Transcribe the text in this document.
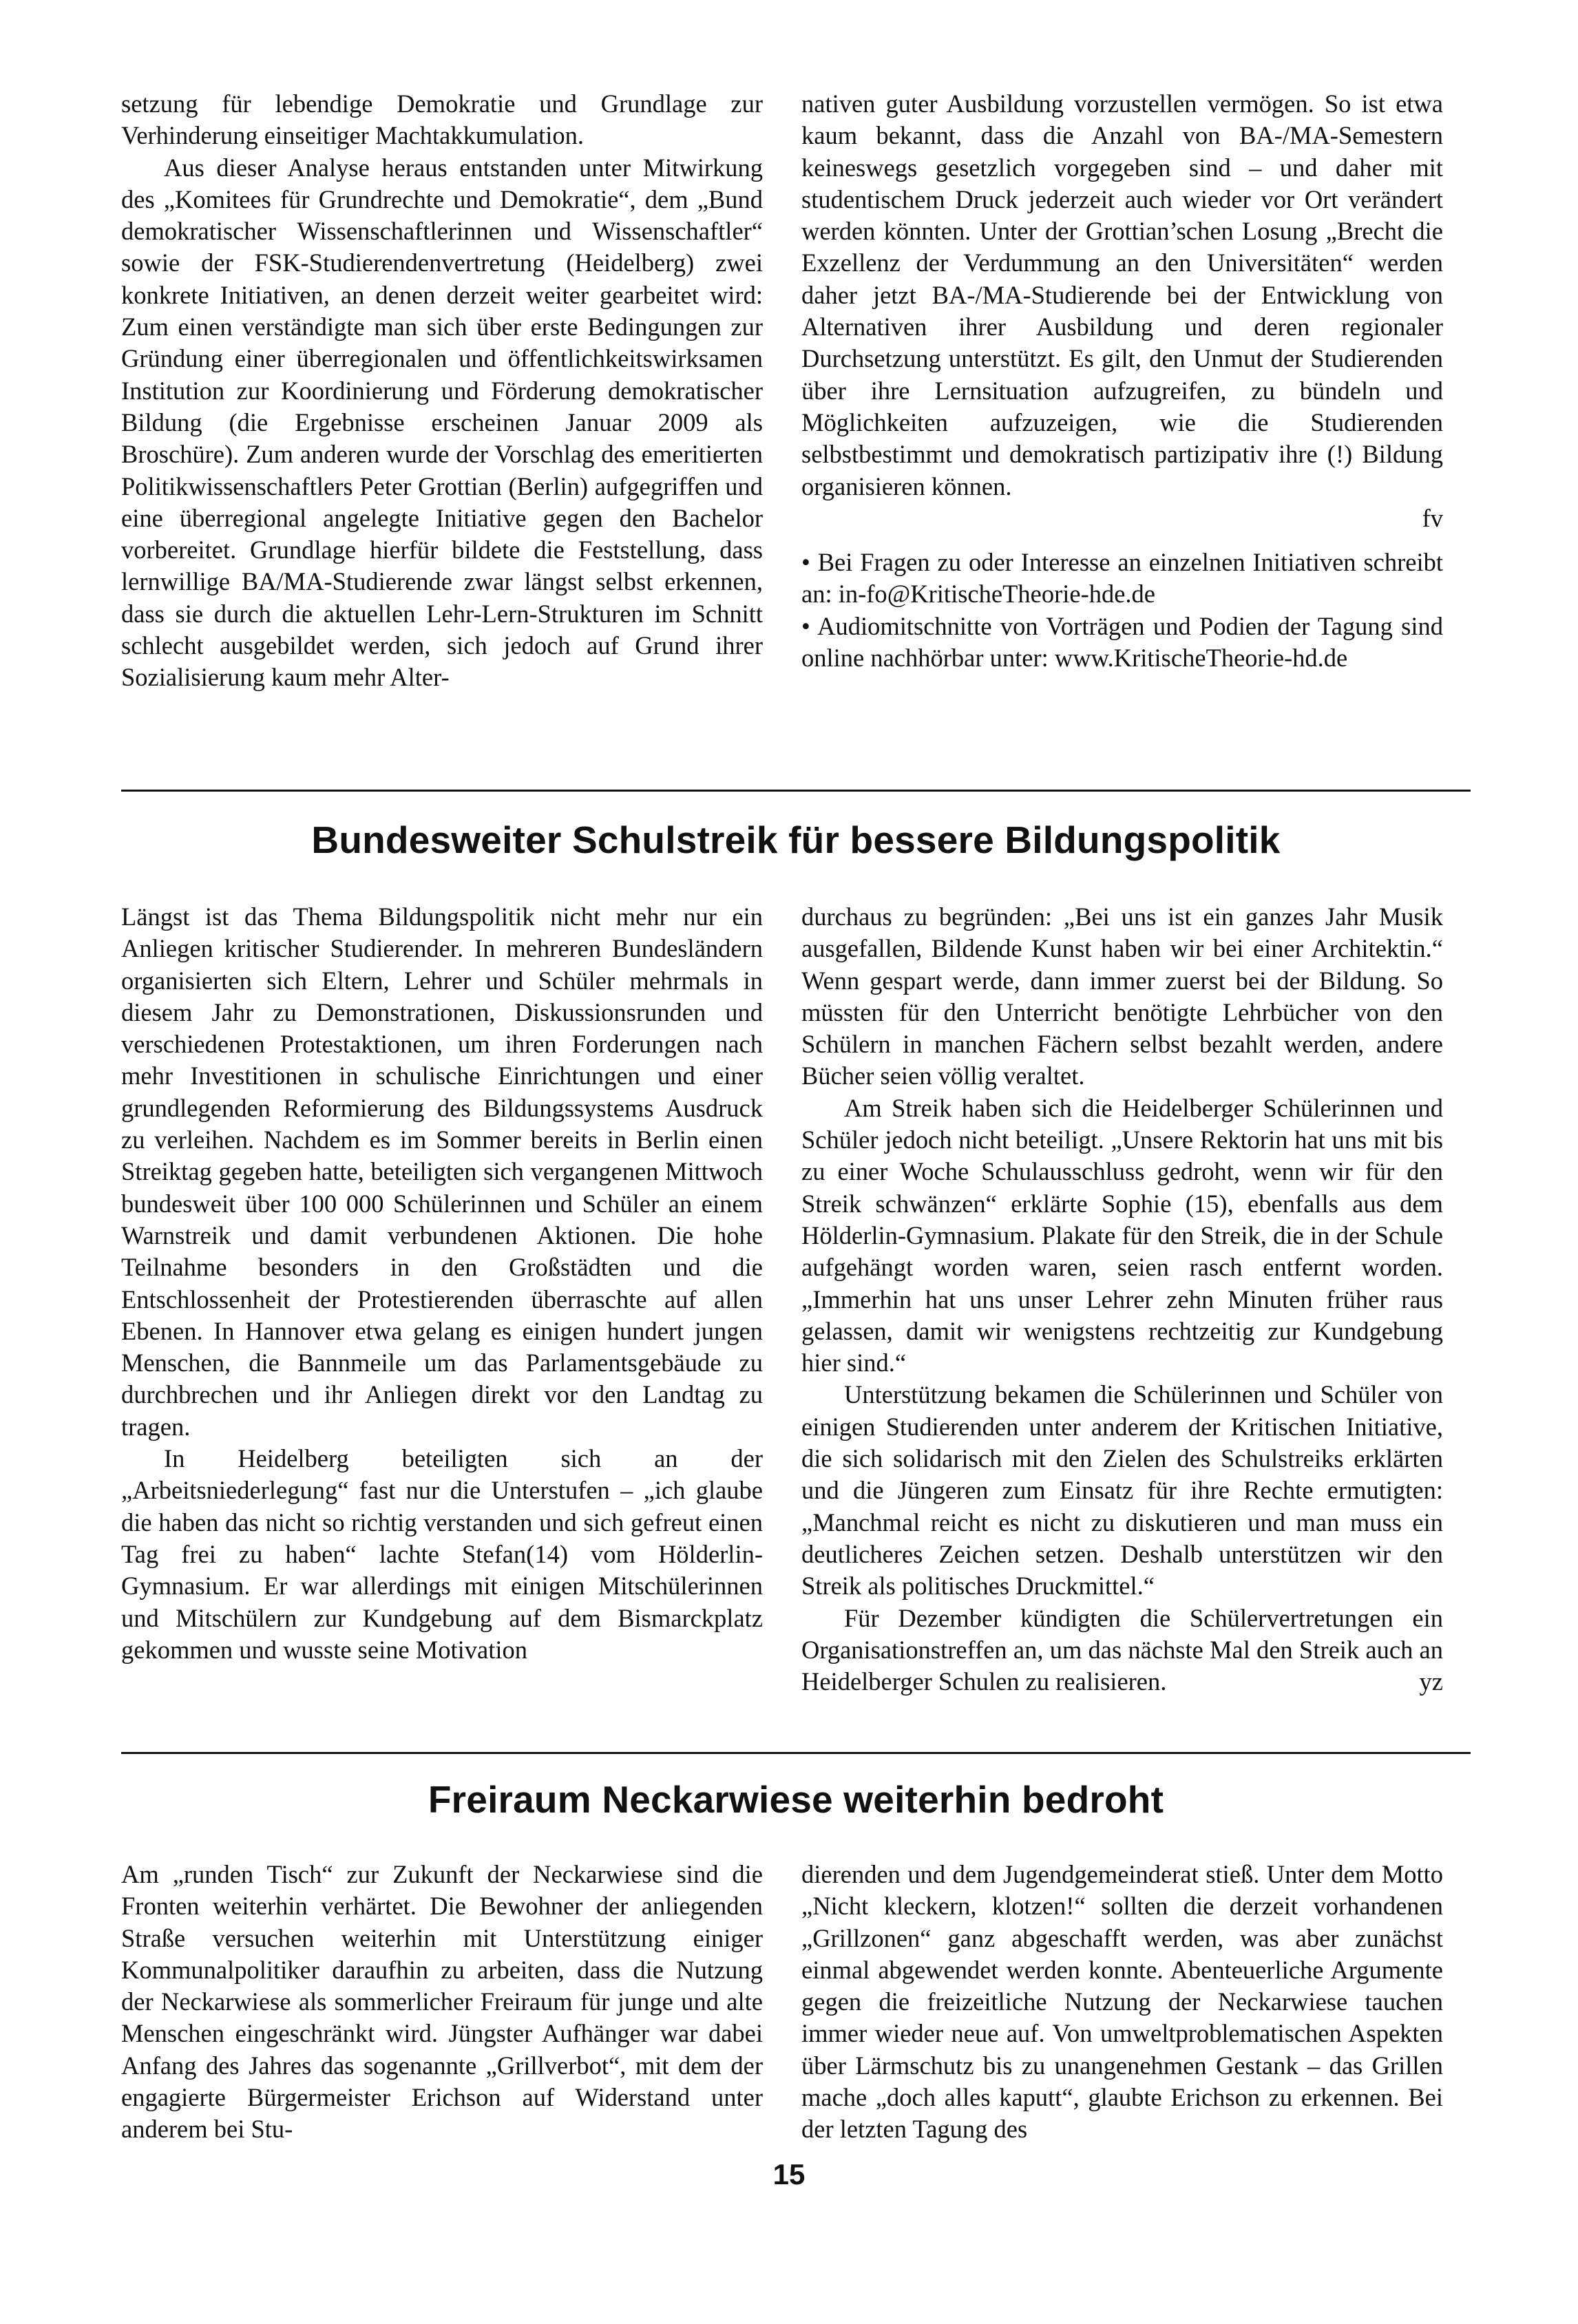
setzung für lebendige Demokratie und Grundlage zur Verhinderung einseitiger Machtakkumulation.

Aus dieser Analyse heraus entstanden unter Mitwirkung des „Komitees für Grundrechte und Demokratie“, dem „Bund demokratischer Wissenschaftlerinnen und Wissenschaftler“ sowie der FSK-Studierendenvertretung (Heidelberg) zwei konkrete Initiativen, an denen derzeit weiter gearbeitet wird: Zum einen verständigte man sich über erste Bedingungen zur Gründung einer überregionalen und öffentlichkeitswirksamen Institution zur Koordinierung und Förderung demokratischer Bildung (die Ergebnisse erscheinen Januar 2009 als Broschüre). Zum anderen wurde der Vorschlag des emeritierten Politikwissenschaftlers Peter Grottian (Berlin) aufgegriffen und eine überregional angelegte Initiative gegen den Bachelor vorbereitet. Grundlage hierfür bildete die Feststellung, dass lernwillige BA/MA-Studierende zwar längst selbst erkennen, dass sie durch die aktuellen Lehr-Lern-Strukturen im Schnitt schlecht ausgebildet werden, sich jedoch auf Grund ihrer Sozialisierung kaum mehr Alter-

nativen guter Ausbildung vorzustellen vermögen. So ist etwa kaum bekannt, dass die Anzahl von BA-/MA-Semestern keineswegs gesetzlich vorgegeben sind – und daher mit studentischem Druck jederzeit auch wieder vor Ort verändert werden könnten. Unter der Grottian’schen Losung „Brecht die Exzellenz der Verdummung an den Universitäten“ werden daher jetzt BA-/MA-Studierende bei der Entwicklung von Alternativen ihrer Ausbildung und deren regionaler Durchsetzung unterstützt. Es gilt, den Unmut der Studierenden über ihre Lernsituation aufzugreifen, zu bündeln und Möglichkeiten aufzuzeigen, wie die Studierenden selbstbestimmt und demokratisch partizipativ ihre (!) Bildung organisieren können.

fv

• Bei Fragen zu oder Interesse an einzelnen Initiativen schreibt an: in-fo@KritischeTheorie-hde.de

• Audiomitschnitte von Vorträgen und Podien der Tagung sind online nachhörbar unter: www.KritischeTheorie-hd.de

Bundesweiter Schulstreik für bessere Bildungspolitik

Längst ist das Thema Bildungspolitik nicht mehr nur ein Anliegen kritischer Studierender. In mehreren Bundesländern organisierten sich Eltern, Lehrer und Schüler mehrmals in diesem Jahr zu Demonstrationen, Diskussionsrunden und verschiedenen Protestaktionen, um ihren Forderungen nach mehr Investitionen in schulische Einrichtungen und einer grundlegenden Reformierung des Bildungssystems Ausdruck zu verleihen. Nachdem es im Sommer bereits in Berlin einen Streiktag gegeben hatte, beteiligten sich vergangenen Mittwoch bundesweit über 100 000 Schülerinnen und Schüler an einem Warnstreik und damit verbundenen Aktionen. Die hohe Teilnahme besonders in den Großstädten und die Entschlossenheit der Protestierenden überraschte auf allen Ebenen. In Hannover etwa gelang es einigen hundert jungen Menschen, die Bannmeile um das Parlamentsgebäude zu durchbrechen und ihr Anliegen direkt vor den Landtag zu tragen.

In Heidelberg beteiligten sich an der „Arbeitsniederlegung“ fast nur die Unterstufen – „ich glaube die haben das nicht so richtig verstanden und sich gefreut einen Tag frei zu haben“ lachte Stefan(14) vom Hölderlin-Gymnasium. Er war allerdings mit einigen Mitschülerinnen und Mitschülern zur Kundgebung auf dem Bismarckplatz gekommen und wusste seine Motivation

durchaus zu begründen: „Bei uns ist ein ganzes Jahr Musik ausgefallen, Bildende Kunst haben wir bei einer Architektin.“ Wenn gespart werde, dann immer zuerst bei der Bildung. So müssten für den Unterricht benötigte Lehrbücher von den Schülern in manchen Fächern selbst bezahlt werden, andere Bücher seien völlig veraltet.

Am Streik haben sich die Heidelberger Schülerinnen und Schüler jedoch nicht beteiligt. „Unsere Rektorin hat uns mit bis zu einer Woche Schulausschluss gedroht, wenn wir für den Streik schwänzen“ erklärte Sophie (15), ebenfalls aus dem Hölderlin-Gymnasium. Plakate für den Streik, die in der Schule aufgehängt worden waren, seien rasch entfernt worden. „Immerhin hat uns unser Lehrer zehn Minuten früher raus gelassen, damit wir wenigstens rechtzeitig zur Kundgebung hier sind.“

Unterstützung bekamen die Schülerinnen und Schüler von einigen Studierenden unter anderem der Kritischen Initiative, die sich solidarisch mit den Zielen des Schulstreiks erklärten und die Jüngeren zum Einsatz für ihre Rechte ermutigten: „Manchmal reicht es nicht zu diskutieren und man muss ein deutlicheres Zeichen setzen. Deshalb unterstützen wir den Streik als politisches Druckmittel.“

Für Dezember kündigten die Schülervertretungen ein Organisationstreffen an, um das nächste Mal den Streik auch an Heidelberger Schulen zu realisieren.	yz

Freiraum Neckarwiese weiterhin bedroht

Am „runden Tisch“ zur Zukunft der Neckarwiese sind die Fronten weiterhin verhärtet. Die Bewohner der anliegenden Straße versuchen weiterhin mit Unterstützung einiger Kommunalpolitiker daraufhin zu arbeiten, dass die Nutzung der Neckarwiese als sommerlicher Freiraum für junge und alte Menschen eingeschränkt wird. Jüngster Aufhänger war dabei Anfang des Jahres das sogenannte „Grillverbot“, mit dem der engagierte Bürgermeister Erichson auf Widerstand unter anderem bei Stu-

dierenden und dem Jugendgemeinderat stieß. Unter dem Motto „Nicht kleckern, klotzen!“ sollten die derzeit vorhandenen „Grillzonen“ ganz abgeschafft werden, was aber zunächst einmal abgewendet werden konnte. Abenteuerliche Argumente gegen die freizeitliche Nutzung der Neckarwiese tauchen immer wieder neue auf. Von umweltproblematischen Aspekten über Lärmschutz bis zu unangenehmen Gestank – das Grillen mache „doch alles kaputt“, glaubte Erichson zu erkennen. Bei der letzten Tagung des

15
